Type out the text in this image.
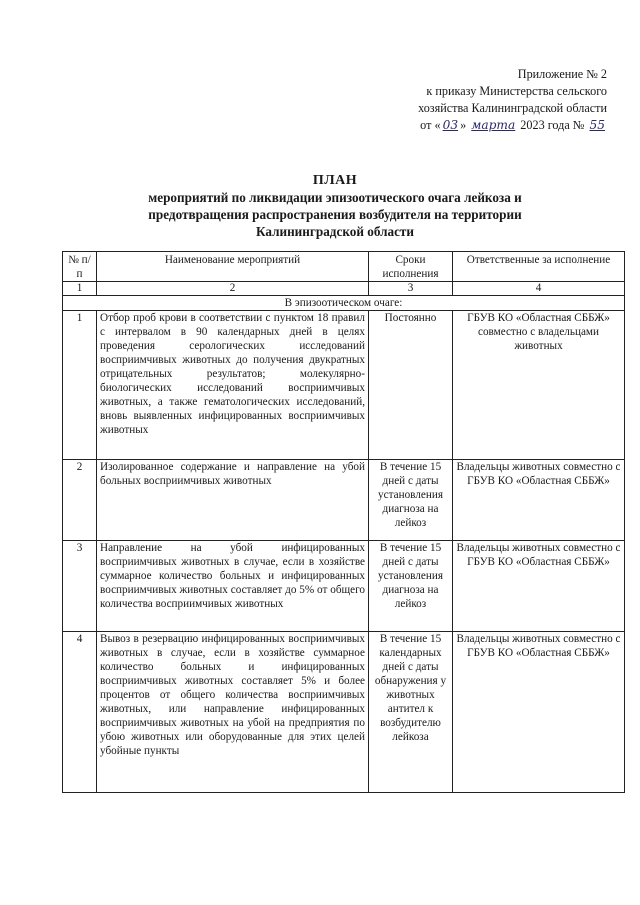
Приложение № 2
к приказу Министерства сельского
хозяйства Калининградской области
от « 03 » марта 2023 года № 55
ПЛАН
мероприятий по ликвидации эпизоотического очага лейкоза и
предотвращения распространения возбудителя на территории
Калининградской области
№ п/п	Наименование мероприятий	Сроки исполнения	Ответственные за исполнение
1	2	3	4
В эпизоотическом очаге:			
1	Отбор проб крови в соответствии с пунктом 18 правил с интервалом в 90 календарных дней в целях проведения серологических исследований восприимчивых животных до получения двукратных отрицательных результатов; молекулярно-биологических исследований восприимчивых животных, а также гематологических исследований, вновь выявленных инфицированных восприимчивых животных	Постоянно	ГБУВ КО «Областная СББЖ» совместно с владельцами животных
2	Изолированное содержание и направление на убой больных восприимчивых животных	В течение 15 дней с даты установления диагноза на лейкоз	Владельцы животных совместно с ГБУВ КО «Областная СББЖ»
3	Направление на убой инфицированных восприимчивых животных в случае, если в хозяйстве суммарное количество больных и инфицированных восприимчивых животных составляет до 5% от общего количества восприимчивых животных	В течение 15 дней с даты установления диагноза на лейкоз	Владельцы животных совместно с ГБУВ КО «Областная СББЖ»
4	Вывоз в резервацию инфицированных восприимчивых животных в случае, если в хозяйстве суммарное количество больных и инфицированных восприимчивых животных составляет 5% и более процентов от общего количества восприимчивых животных, или направление инфицированных восприимчивых животных на убой на предприятия по убою животных или оборудованные для этих целей убойные пункты	В течение 15 календарных дней с даты обнаружения у животных антител к возбудителю лейкоза	Владельцы животных совместно с ГБУВ КО «Областная СББЖ»
